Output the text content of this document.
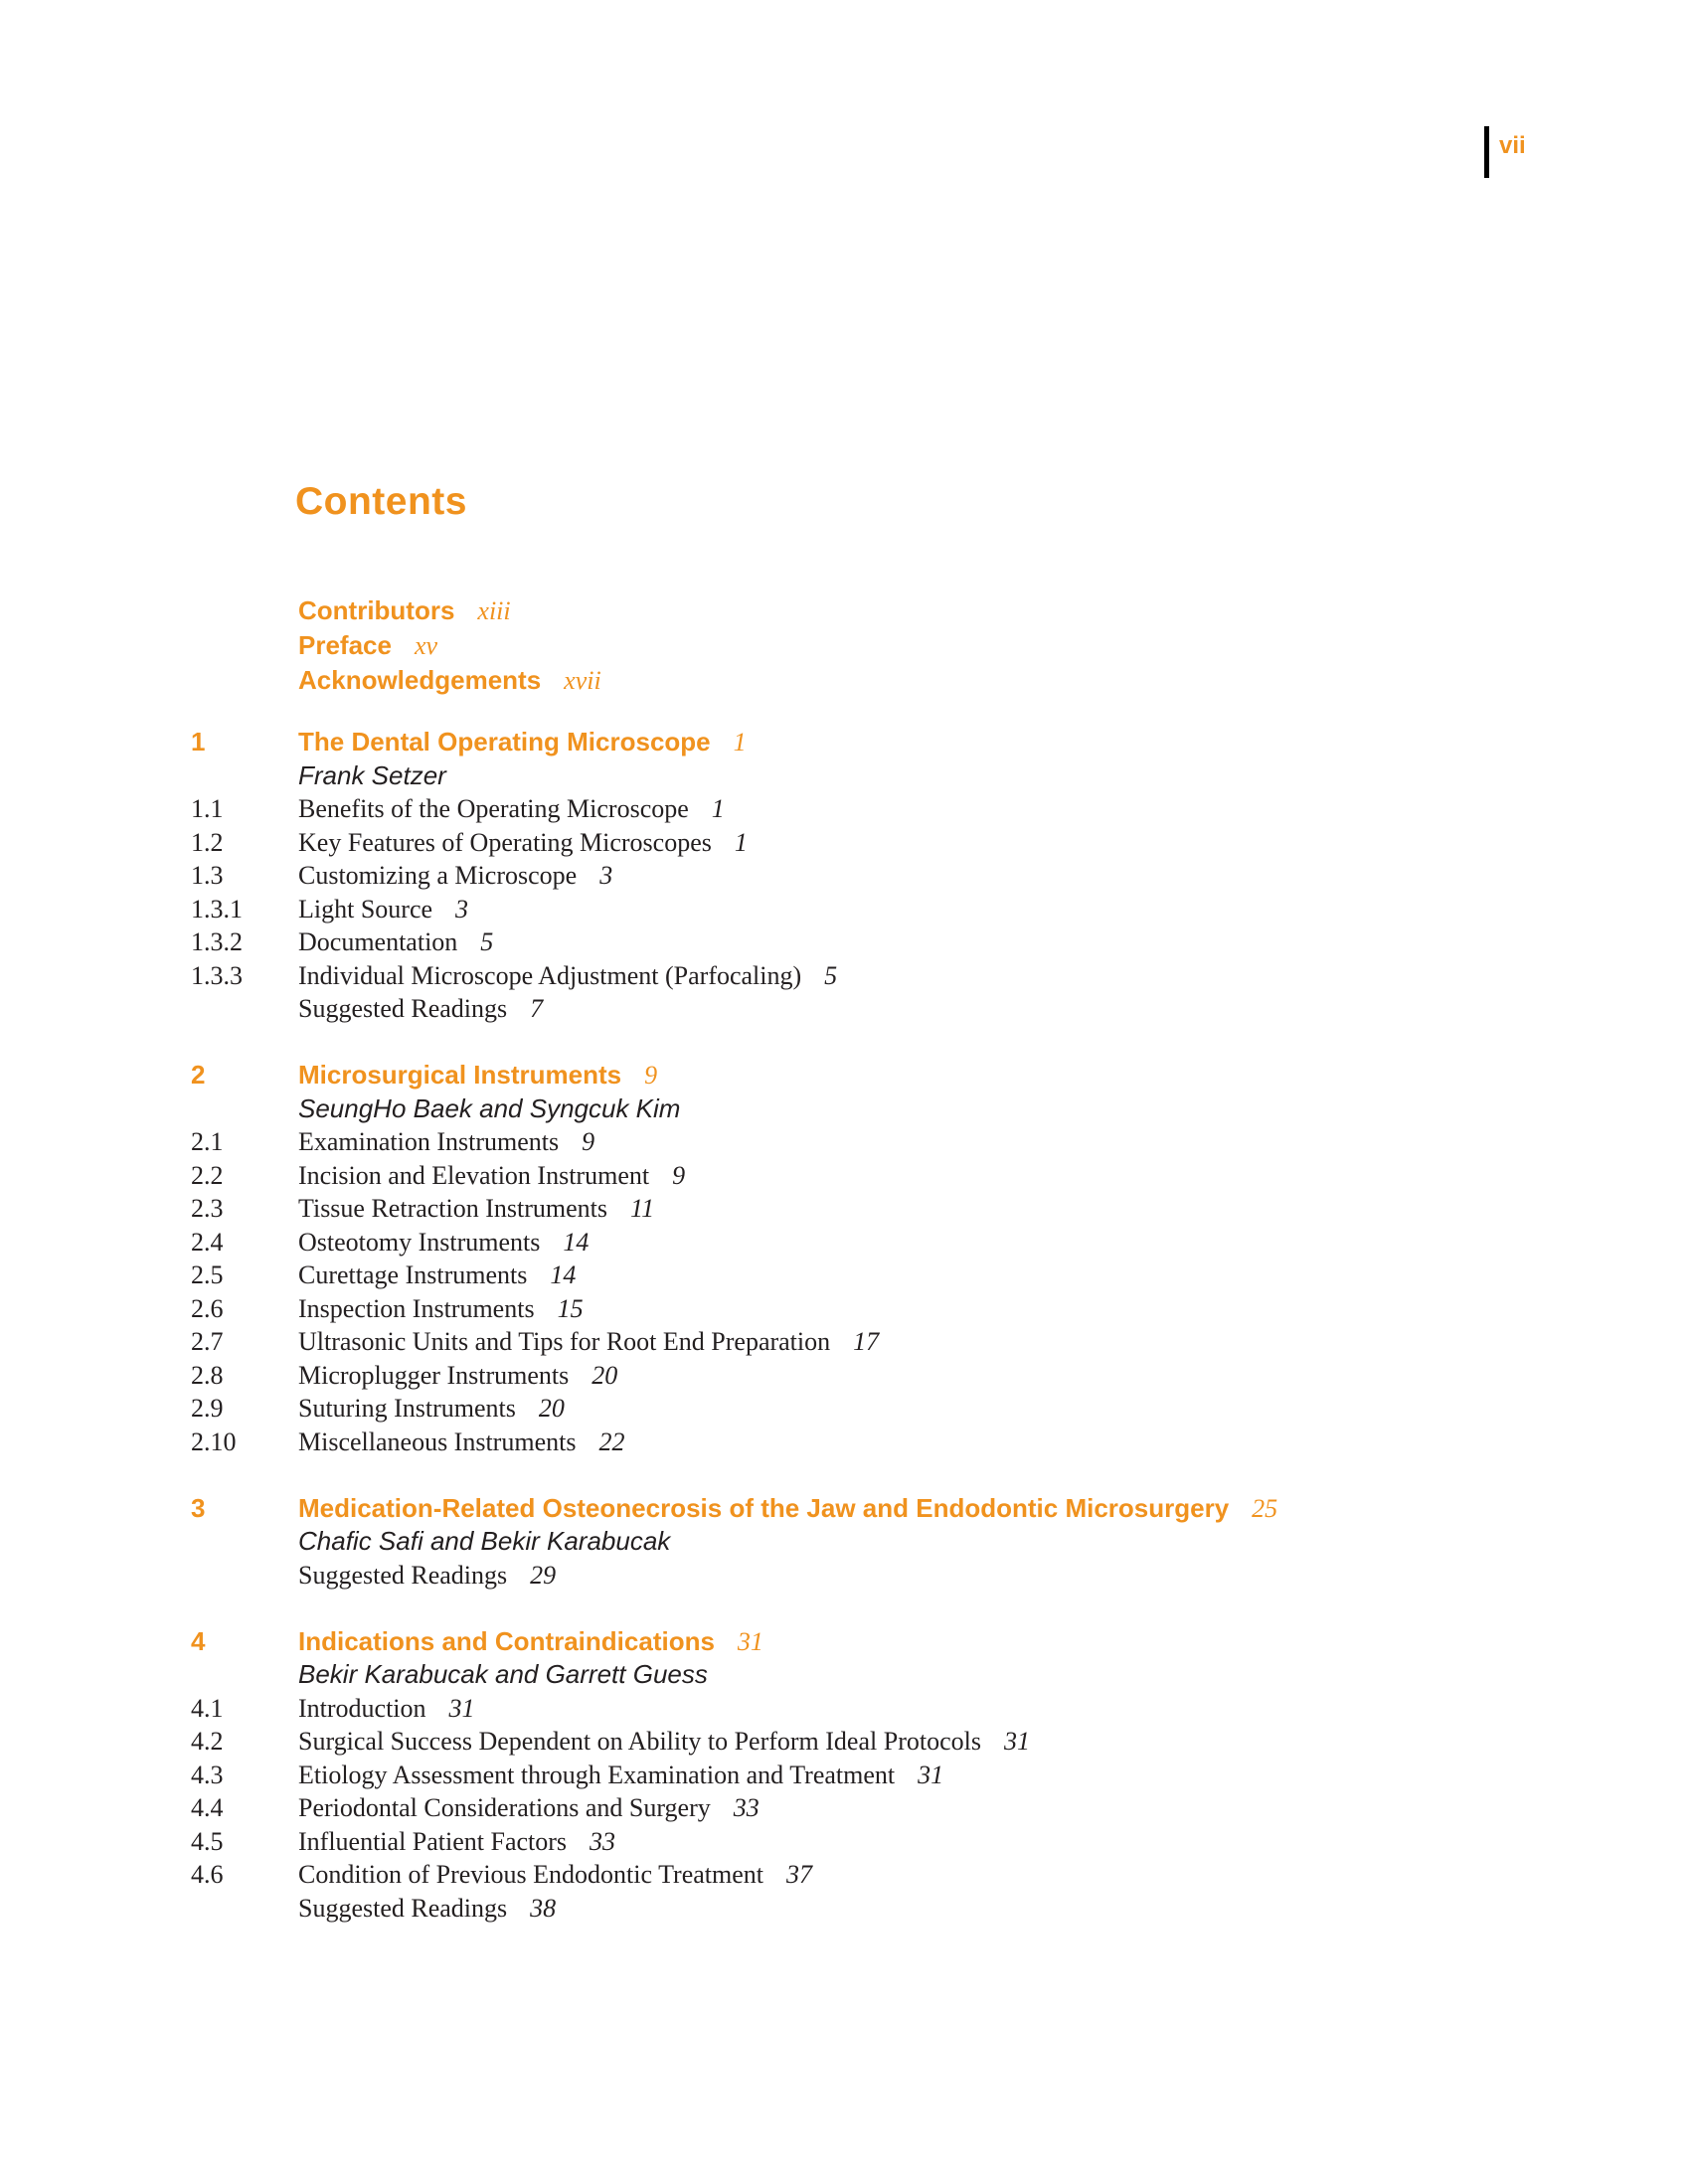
vii
Contents
Contributors xiii
Preface xv
Acknowledgements xvii
1	The Dental Operating Microscope 1
Frank Setzer
1.1	Benefits of the Operating Microscope 1
1.2	Key Features of Operating Microscopes 1
1.3	Customizing a Microscope 3
1.3.1	Light Source 3
1.3.2	Documentation 5
1.3.3	Individual Microscope Adjustment (Parfocaling) 5
Suggested Readings 7
2	Microsurgical Instruments 9
SeungHo Baek and Syngcuk Kim
2.1	Examination Instruments 9
2.2	Incision and Elevation Instrument 9
2.3	Tissue Retraction Instruments 11
2.4	Osteotomy Instruments 14
2.5	Curettage Instruments 14
2.6	Inspection Instruments 15
2.7	Ultrasonic Units and Tips for Root End Preparation 17
2.8	Microplugger Instruments 20
2.9	Suturing Instruments 20
2.10	Miscellaneous Instruments 22
3	Medication-Related Osteonecrosis of the Jaw and Endodontic Microsurgery 25
Chafic Safi and Bekir Karabucak
Suggested Readings 29
4	Indications and Contraindications 31
Bekir Karabucak and Garrett Guess
4.1	Introduction 31
4.2	Surgical Success Dependent on Ability to Perform Ideal Protocols 31
4.3	Etiology Assessment through Examination and Treatment 31
4.4	Periodontal Considerations and Surgery 33
4.5	Influential Patient Factors 33
4.6	Condition of Previous Endodontic Treatment 37
Suggested Readings 38
